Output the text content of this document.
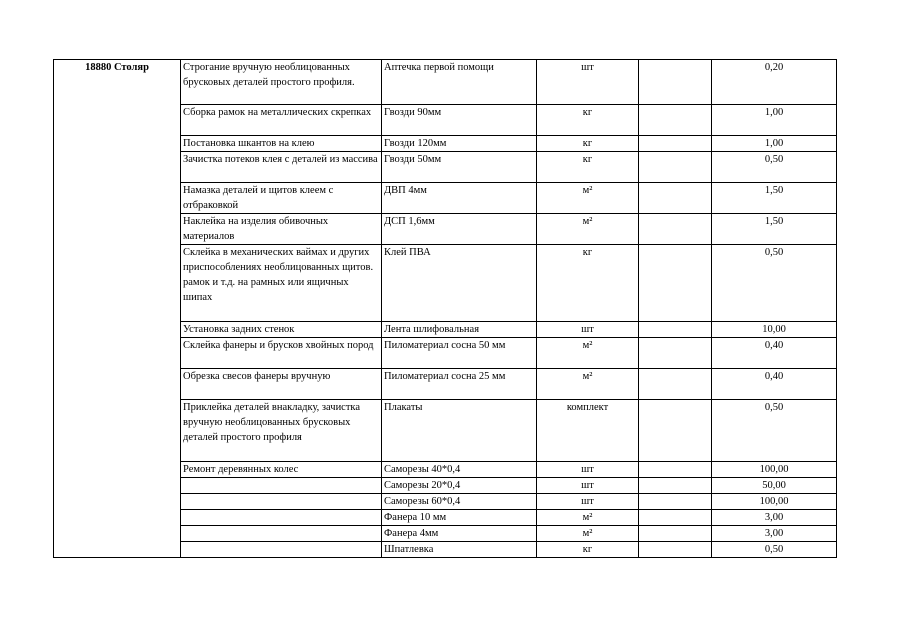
18880 Столяр	Строгание вручную необлицованных брусковых деталей простого профиля.	Аптечка первой помощи	шт		0,20
	Сборка рамок на металлических скрепках	Гвозди 90мм	кг		1,00
	Постановка шкантов на клею	Гвозди 120мм	кг		1,00
	Зачистка потеков клея с деталей из массива	Гвозди 50мм	кг		0,50
	Намазка деталей и щитов клеем с отбраковкой	ДВП 4мм	м²		1,50
	Наклейка на изделия обивочных материалов	ДСП 1,6мм	м²		1,50
	Склейка в механических ваймах и других приспособлениях необлицованных щитов. рамок и т.д. на рамных или ящичных шипах	Клей ПВА	кг		0,50
	Установка задних стенок	Лента шлифовальная	шт		10,00
	Склейка фанеры и брусков хвойных пород	Пиломатериал сосна 50 мм	м²		0,40
	Обрезка свесов фанеры вручную	Пиломатериал сосна 25 мм	м²		0,40
	Приклейка деталей внакладку, зачистка вручную необлицованных брусковых деталей простого профиля	Плакаты	комплект		0,50
	Ремонт деревянных колес	Саморезы 40*0,4	шт		100,00
		Саморезы 20*0,4	шт		50,00
		Саморезы 60*0,4	шт		100,00
		Фанера 10 мм	м²		3,00
		Фанера 4мм	м²		3,00
		Шпатлевка	кг		0,50
